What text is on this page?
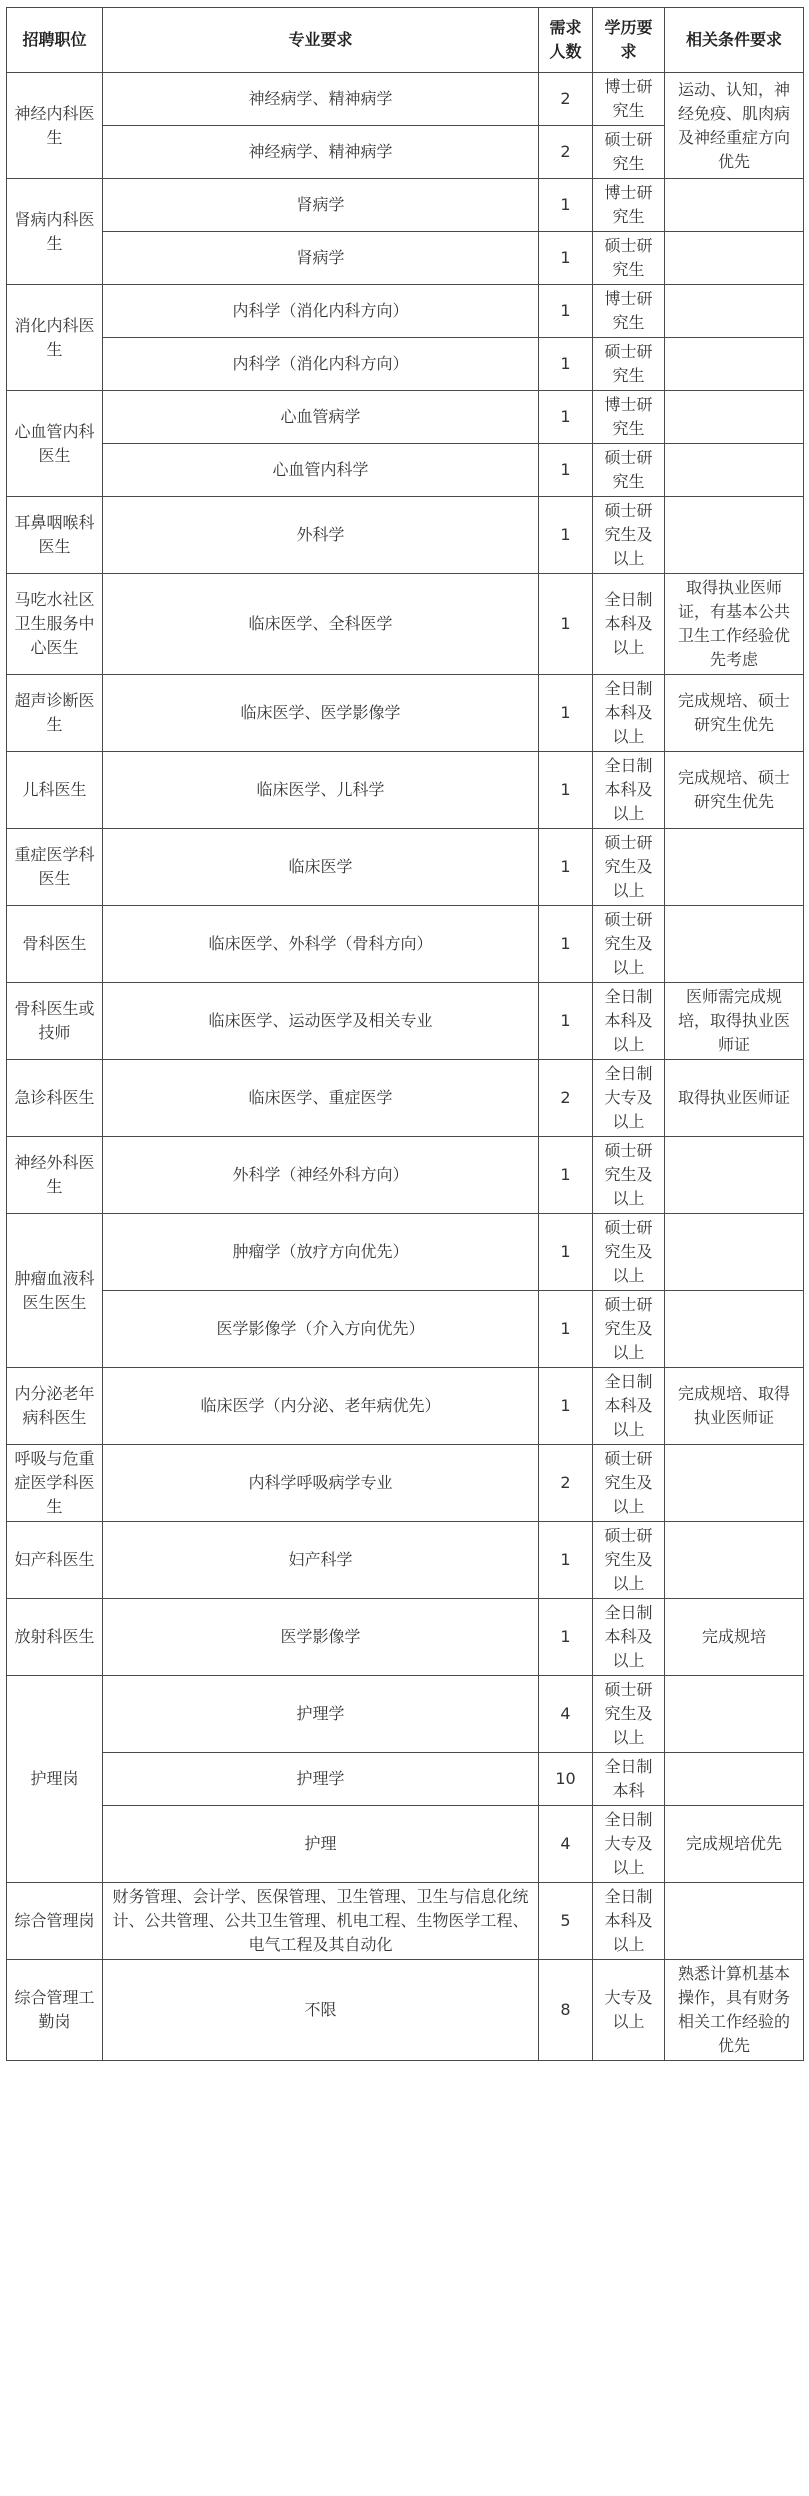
招聘职位	专业要求	需求人数	学历要求	相关条件要求
神经内科医生	神经病学、精神病学	2	博士研究生	运动、认知，神经免疫、肌肉病及神经重症方向优先
	神经病学、精神病学	2	硕士研究生	
肾病内科医生	肾病学	1	博士研究生	
	肾病学	1	硕士研究生	
消化内科医生	内科学（消化内科方向）	1	博士研究生	
	内科学（消化内科方向）	1	硕士研究生	
心血管内科医生	心血管病学	1	博士研究生	
	心血管内科学	1	硕士研究生	
耳鼻咽喉科医生	外科学	1	硕士研究生及以上	
马吃水社区卫生服务中心医生	临床医学、全科医学	1	全日制本科及以上	取得执业医师证，有基本公共卫生工作经验优先考虑
超声诊断医生	临床医学、医学影像学	1	全日制本科及以上	完成规培、硕士研究生优先
儿科医生	临床医学、儿科学	1	全日制本科及以上	完成规培、硕士研究生优先
重症医学科医生	临床医学	1	硕士研究生及以上	
骨科医生	临床医学、外科学（骨科方向）	1	硕士研究生及以上	
骨科医生或技师	临床医学、运动医学及相关专业	1	全日制本科及以上	医师需完成规培，取得执业医师证
急诊科医生	临床医学、重症医学	2	全日制大专及以上	取得执业医师证
神经外科医生	外科学（神经外科方向）	1	硕士研究生及以上	
肿瘤血液科医生医生	肿瘤学（放疗方向优先）	1	硕士研究生及以上	
	医学影像学（介入方向优先）	1	硕士研究生及以上	
内分泌老年病科医生	临床医学（内分泌、老年病优先）	1	全日制本科及以上	完成规培、取得执业医师证
呼吸与危重症医学科医生	内科学呼吸病学专业	2	硕士研究生及以上	
妇产科医生	妇产科学	1	硕士研究生及以上	
放射科医生	医学影像学	1	全日制本科及以上	完成规培
护理岗	护理学	4	硕士研究生及以上	
	护理学	10	全日制本科	
	护理	4	全日制大专及以上	完成规培优先
综合管理岗	财务管理、会计学、医保管理、卫生管理、卫生与信息化统计、公共管理、公共卫生管理、机电工程、生物医学工程、电气工程及其自动化	5	全日制本科及以上	
综合管理工勤岗	不限	8	大专及以上	熟悉计算机基本操作，具有财务相关工作经验的优先
